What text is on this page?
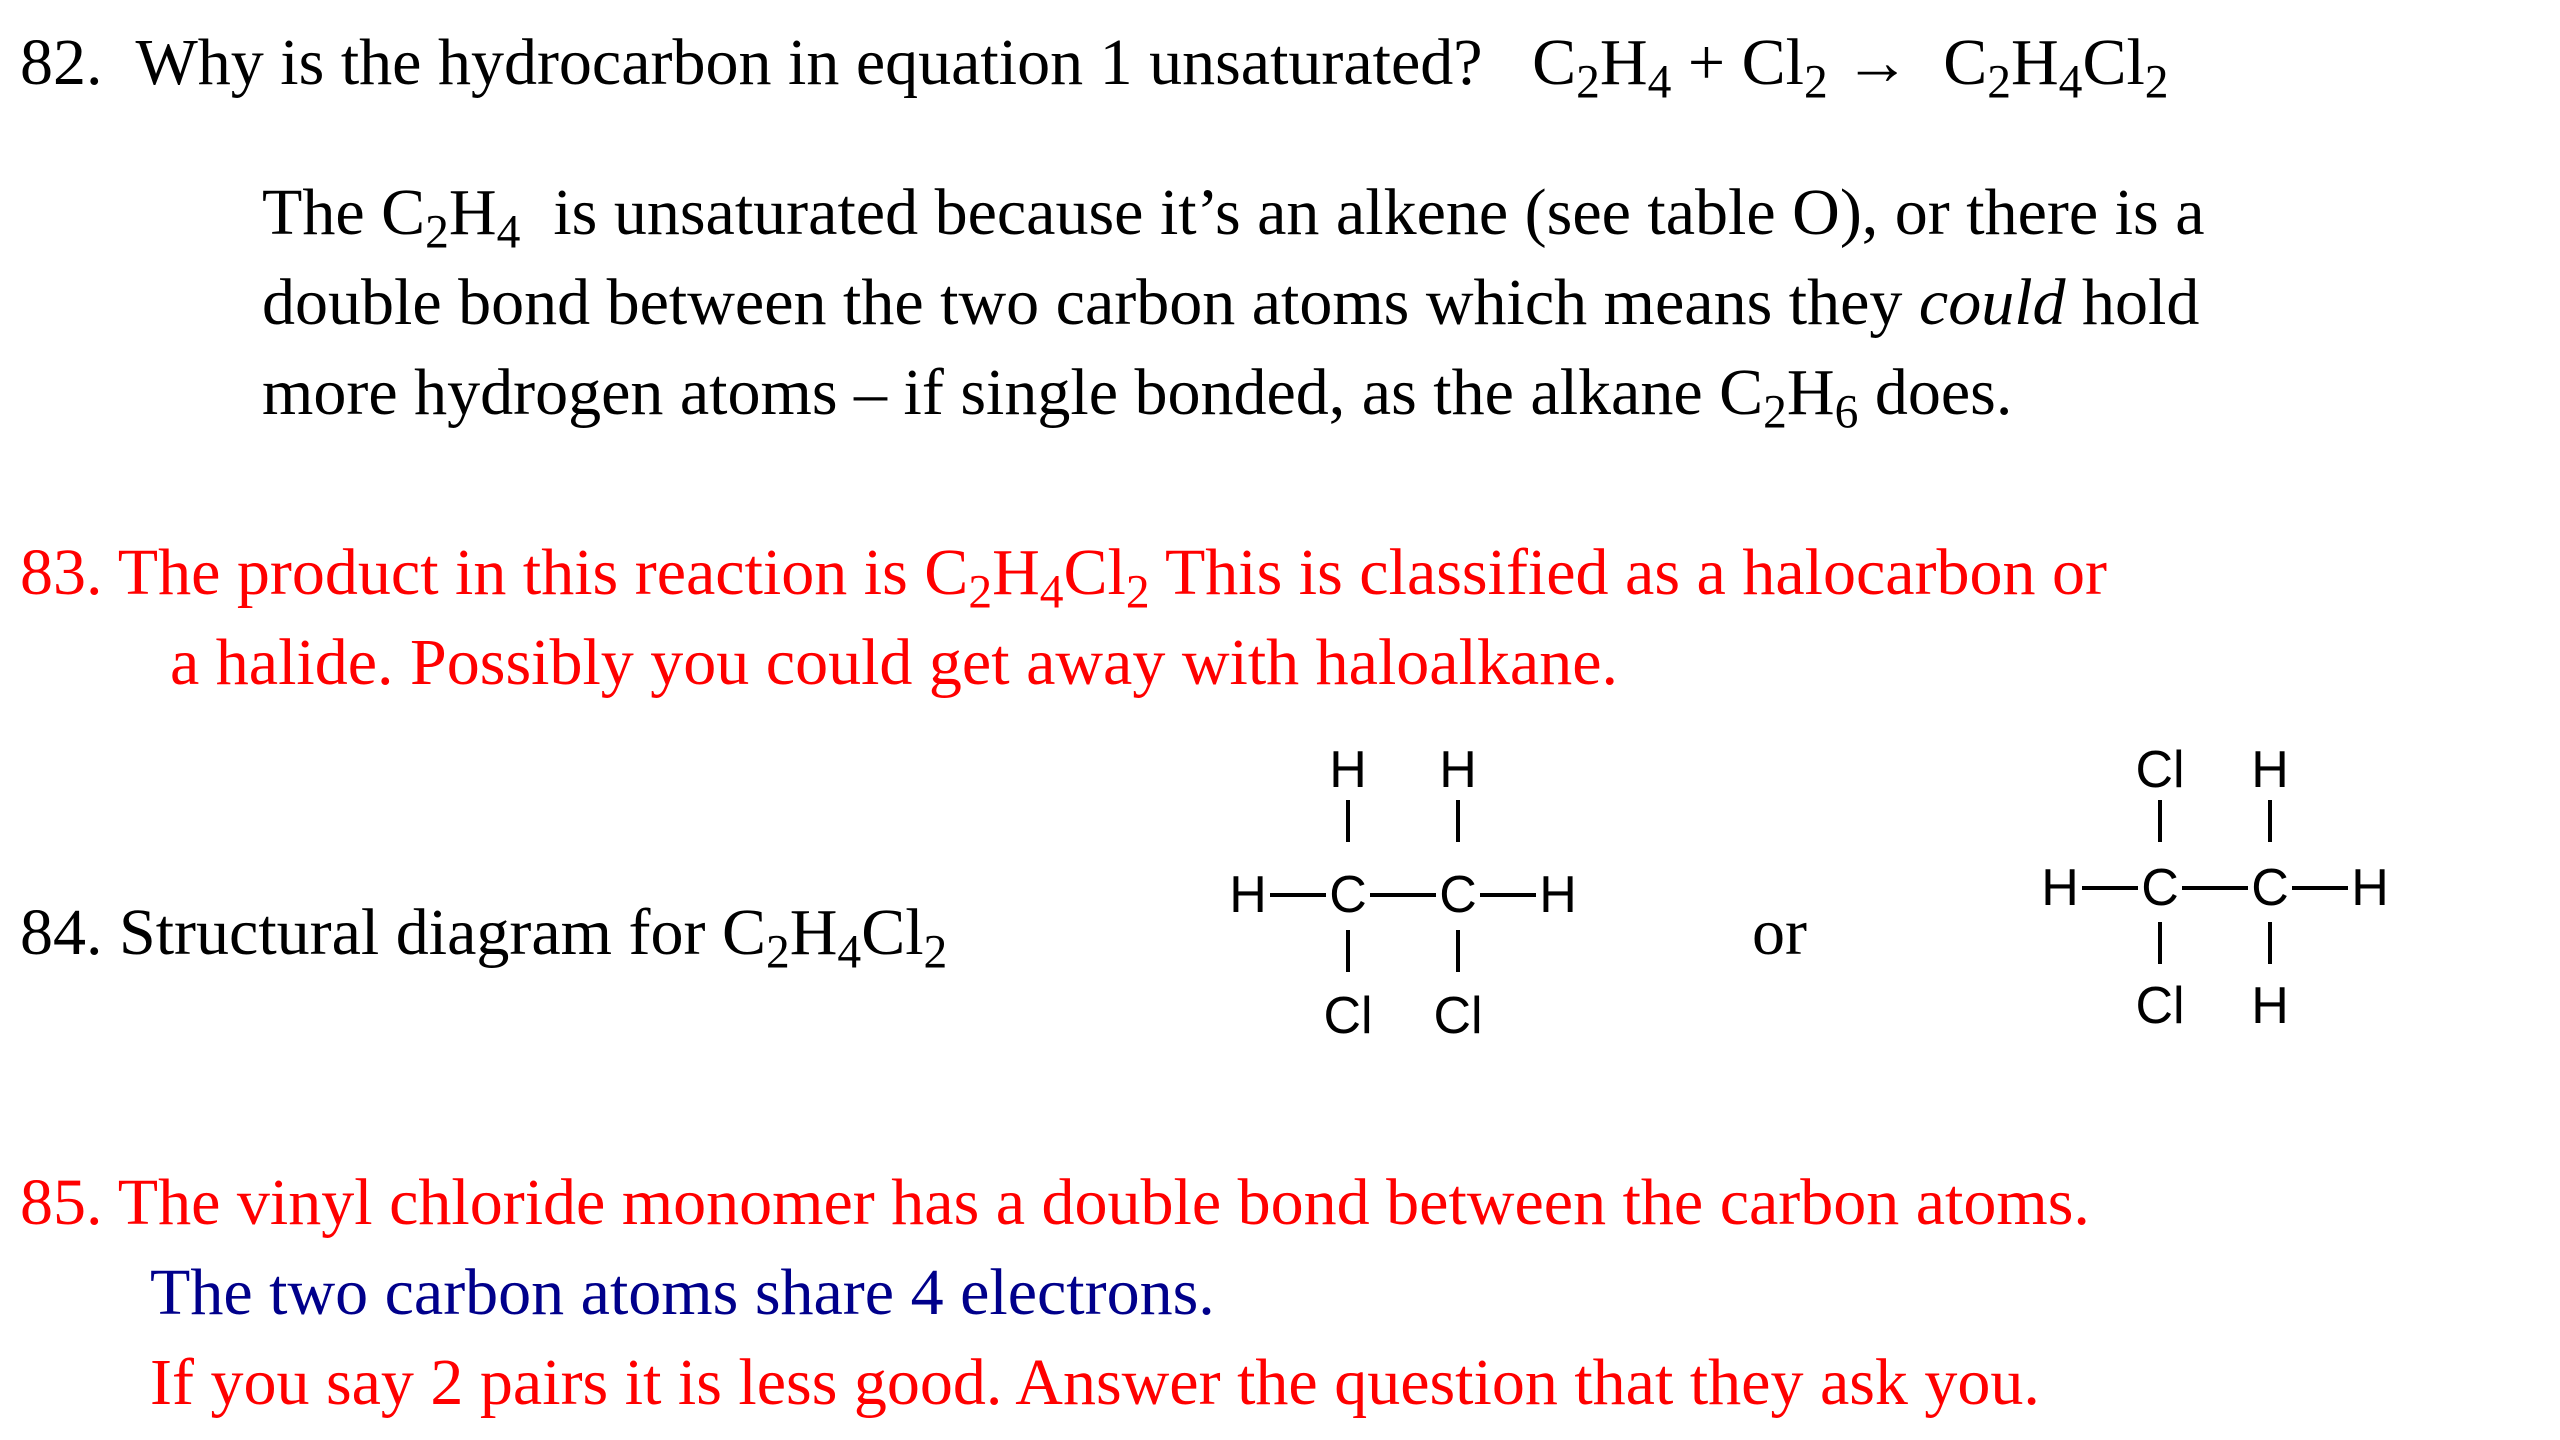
82. Why is the hydrocarbon in equation 1 unsaturated? $C_2H_4 + Cl_2 \to C_2H_4Cl_2$
The $C_2H_4$  is unsaturated because it’s an alkene (see table O), or there is a
double bond between the two carbon atoms which means they could hold
more hydrogen atoms – if single bonded, as the alkane $C_2H_6$ does.
83. The product in this reaction is $C_2H_4Cl_2$ This is classified as a halocarbon or
a halide. Possibly you could get away with haloalkane.
84. Structural diagram for $C_2H_4Cl_2$
H H
H C C H
Cl Cl
or
Cl H
H C C H
Cl H
85. The vinyl chloride monomer has a double bond between the carbon atoms.
The two carbon atoms share 4 electrons.
If you say 2 pairs it is less good. Answer the question that they ask you.
